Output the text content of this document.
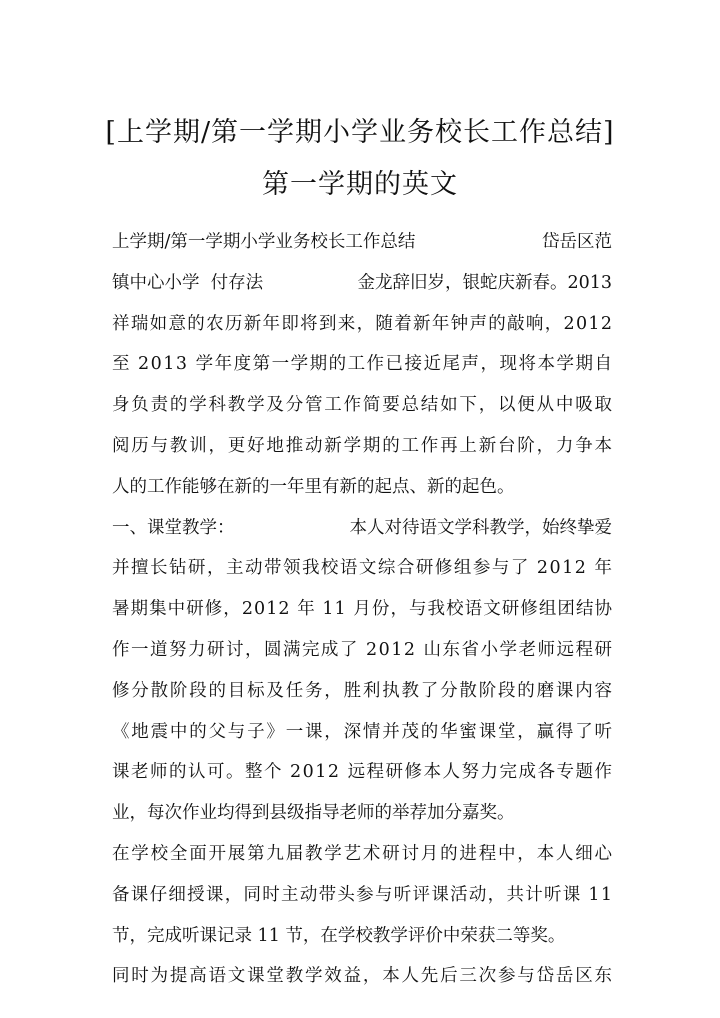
[上学期/第一学期小学业务校长工作总结]
第一学期的英文
上学期/第一学期小学业务校长工作总结	岱岳区范
镇中心小学  付存法	金龙辞旧岁，银蛇庆新春。2013
祥瑞如意的农历新年即将到来，随着新年钟声的敲响，2012
至 2013 学年度第一学期的工作已接近尾声，现将本学期自
身负责的学科教学及分管工作简要总结如下，以便从中吸取
阅历与教训，更好地推动新学期的工作再上新台阶，力争本
人的工作能够在新的一年里有新的起点、新的起色。
一、课堂教学：	本人对待语文学科教学，始终挚爱
并擅长钻研，主动带领我校语文综合研修组参与了 2012 年
暑期集中研修，2012 年 11 月份，与我校语文研修组团结协
作一道努力研讨，圆满完成了 2012 山东省小学老师远程研
修分散阶段的目标及任务，胜利执教了分散阶段的磨课内容
《地震中的父与子》一课，深情并茂的华蜜课堂，赢得了听
课老师的认可。整个 2012 远程研修本人努力完成各专题作
业，每次作业均得到县级指导老师的举荐加分嘉奖。
在学校全面开展第九届教学艺术研讨月的进程中，本人细心
备课仔细授课，同时主动带头参与听评课活动，共计听课 11
节，完成听课记录 11 节，在学校教学评价中荣获二等奖。
同时为提高语文课堂教学效益，本人先后三次参与岱岳区东
